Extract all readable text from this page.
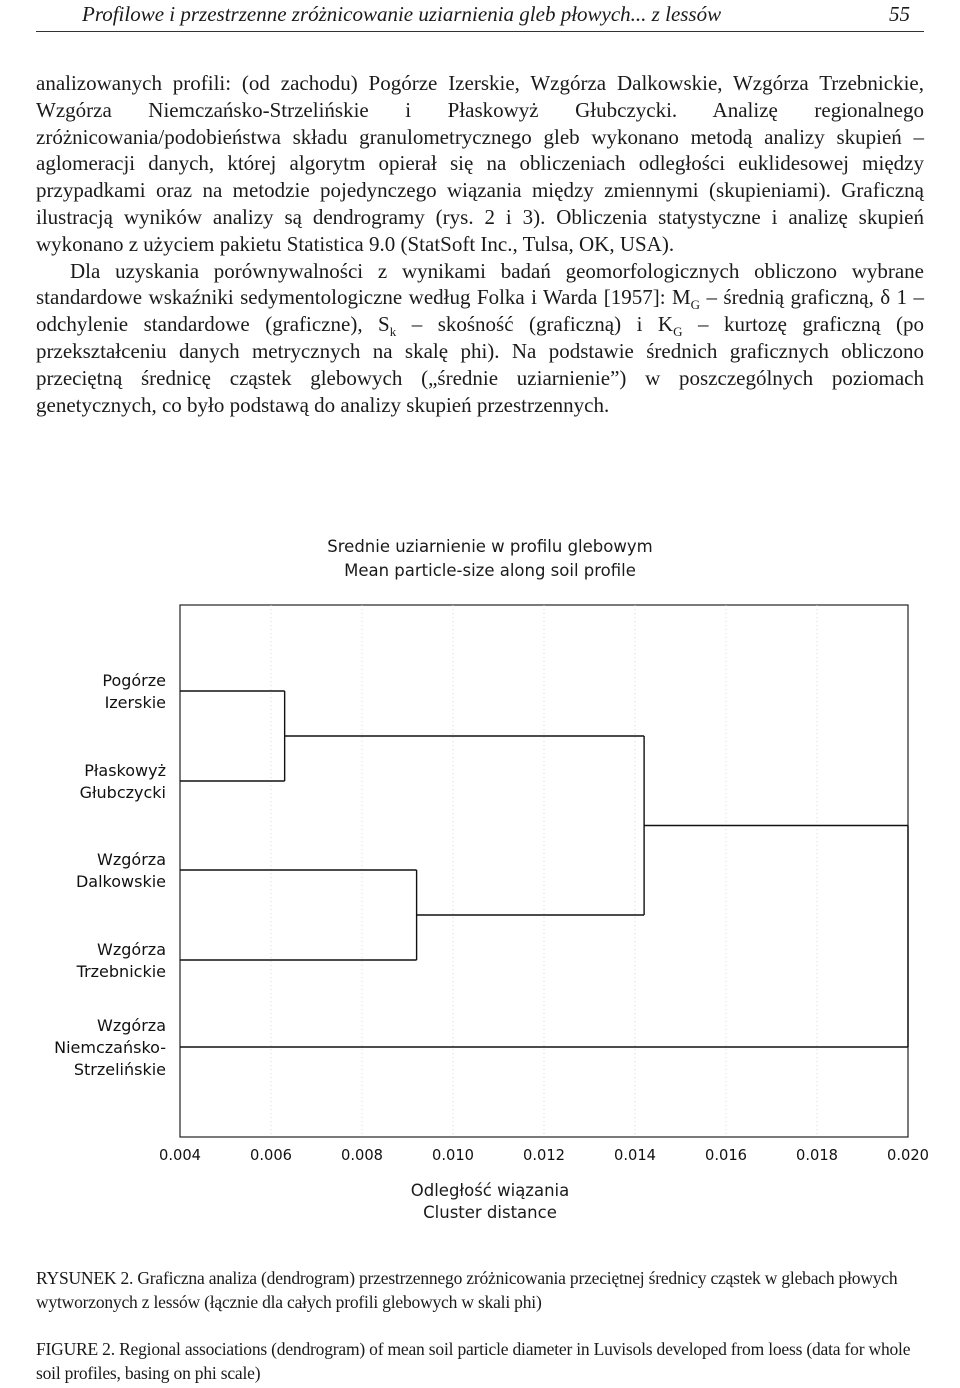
Profilowe i przestrzenne zróżnicowanie uziarnienia gleb płowych... z lessów	55

analizowanych profili: (od zachodu) Pogórze Izerskie, Wzgórza Dalkowskie, Wzgórza Trzebnickie, Wzgórza Niemczańsko-Strzelińskie i Płaskowyż Głubczycki. Analizę regionalnego zróżnicowania/podobieństwa składu granulometrycznego gleb wykonano metodą analizy skupień – aglomeracji danych, której algorytm opierał się na obliczeniach odległości euklidesowej między przypadkami oraz na metodzie pojedynczego wiązania między zmiennymi (skupieniami). Graficzną ilustracją wyników analizy są dendrogramy (rys. 2 i 3). Obliczenia statystyczne i analizę skupień wykonano z użyciem pakietu Statistica 9.0 (StatSoft Inc., Tulsa, OK, USA).

Dla uzyskania porównywalności z wynikami badań geomorfologicznych obliczono wybrane standardowe wskaźniki sedymentologiczne według Folka i Warda [1957]: $M_G$ – średnią graficzną, δ 1 – odchylenie standardowe (graficzne), $S_k$ – skośność (graficzną) i $K_G$ – kurtozę graficzną (po przekształceniu danych metrycznych na skalę phi). Na podstawie średnich graficznych obliczono przeciętną średnicę cząstek glebowych („średnie uziarnienie”) w poszczególnych poziomach genetycznych, co było podstawą do analizy skupień przestrzennych.

Srednie uziarnienie w profilu glebowym
Mean particle-size along soil profile
Pogórze
Izerskie
Płaskowyż
Głubczycki
Wzgórza
Dalkowskie
Wzgórza
Trzebnickie
Wzgórza
Niemczańsko-
Strzelińskie
0.004	0.006	0.008	0.010	0.012	0.014	0.016	0.018	0.020
Odległość wiązania
Cluster distance
RYSUNEK 2. Graficzna analiza (dendrogram) przestrzennego zróżnicowania przeciętnej średnicy cząstek w glebach płowych wytworzonych z lessów (łącznie dla całych profili glebowych w skali phi)
FIGURE 2. Regional associations (dendrogram) of mean soil particle diameter in Luvisols developed from loess (data for whole soil profiles, basing on phi scale)
